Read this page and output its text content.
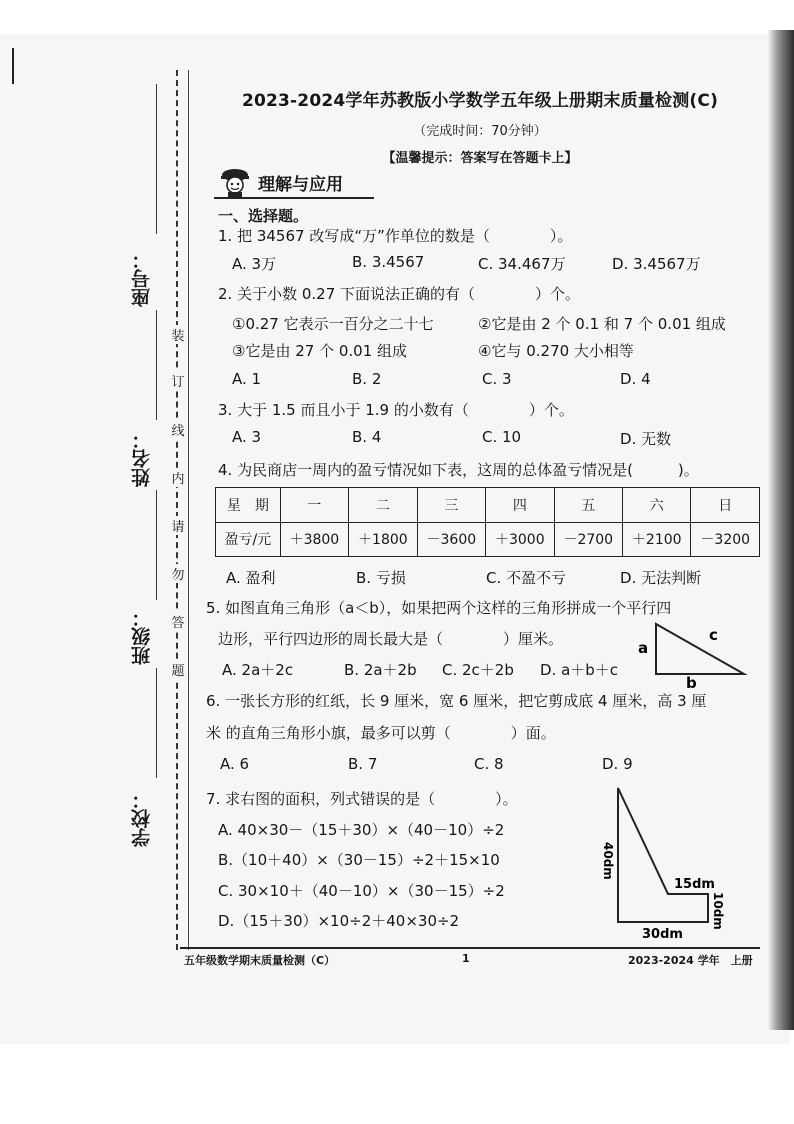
座号：
姓名：
班级：
学校：
装
订
线
内
请
勿
答
题
2023-2024学年苏教版小学数学五年级上册期末质量检测(C)
（完成时间：70分钟）
【温馨提示：答案写在答题卡上】
理解与应用
一、选择题。
1. 把 34567 改写成“万”作单位的数是（　　　　）。
A. 3万	B. 3.4567	C. 34.467万	D. 3.4567万
2. 关于小数 0.27 下面说法正确的有（　　　　）个。
①0.27 它表示一百分之二十七	②它是由 2 个 0.1 和 7 个 0.01 组成
③它是由 27 个 0.01 组成	④它与 0.270 大小相等
A. 1	B. 2	C. 3	D. 4
3. 大于 1.5 而且小于 1.9 的小数有（　　　　）个。
A. 3	B. 4	C. 10	D. 无数
4. 为民商店一周内的盈亏情况如下表，这周的总体盈亏情况是(　　　)。
星　期	一	二	三	四	五	六	日
盈亏/元	＋3800	＋1800	－3600	＋3000	－2700	＋2100	－3200
A. 盈利	B. 亏损	C. 不盈不亏	D. 无法判断
5. 如图直角三角形（a＜b），如果把两个这样的三角形拼成一个平行四
边形，平行四边形的周长最大是（　　　　）厘米。
A. 2a＋2c	B. 2a＋2b C. 2c＋2b D. a＋b＋c
a
c
b
6. 一张长方形的红纸，长 9 厘米，宽 6 厘米，把它剪成底 4 厘米，高 3 厘
米 的直角三角形小旗，最多可以剪（　　　　）面。
A. 6	B. 7	C. 8	D. 9
7. 求右图的面积，列式错误的是（　　　　）。
A. 40×30－（15＋30）×（40－10）÷2
B.（10＋40）×（30－15）÷2＋15×10
C. 30×10＋（40－10）×（30－15）÷2
D.（15＋30）×10÷2＋40×30÷2
40dm
15dm
10dm
30dm
五年级数学期末质量检测（C）	1	2023-2024 学年　上册
